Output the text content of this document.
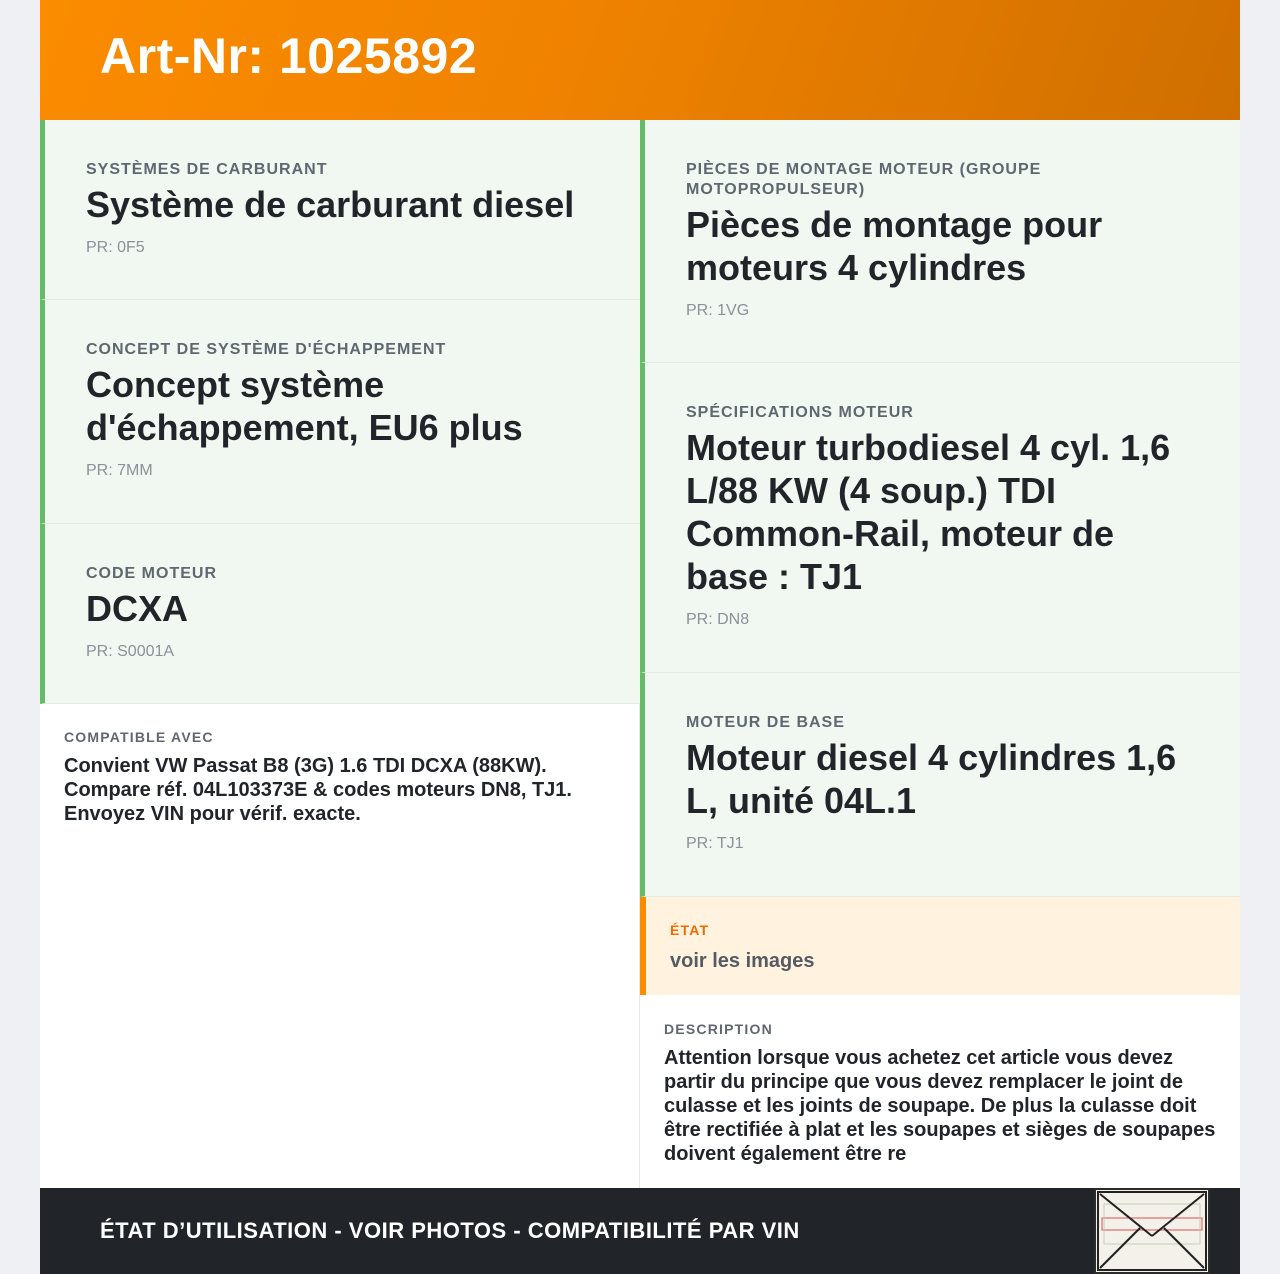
Art-Nr: 1025892
SYSTÈMES DE CARBURANT
Système de carburant diesel
PR: 0F5
CONCEPT DE SYSTÈME D'ÉCHAPPEMENT
Concept système d'échappement, EU6 plus
PR: 7MM
CODE MOTEUR
DCXA
PR: S0001A
COMPATIBLE AVEC
Convient VW Passat B8 (3G) 1.6 TDI DCXA (88KW). Compare réf. 04L103373E & codes moteurs DN8, TJ1. Envoyez VIN pour vérif. exacte.
PIÈCES DE MONTAGE MOTEUR (GROUPE MOTOPROPULSEUR)
Pièces de montage pour moteurs 4 cylindres
PR: 1VG
SPÉCIFICATIONS MOTEUR
Moteur turbodiesel 4 cyl. 1,6 L/88 KW (4 soup.) TDI Common-Rail, moteur de base : TJ1
PR: DN8
MOTEUR DE BASE
Moteur diesel 4 cylindres 1,6 L, unité 04L.1
PR: TJ1
ÉTAT
voir les images
DESCRIPTION
Attention lorsque vous achetez cet article vous devez partir du principe que vous devez remplacer le joint de culasse et les joints de soupape. De plus la culasse doit être rectifiée à plat et les soupapes et sièges de soupapes doivent également être re
ÉTAT D’UTILISATION - VOIR PHOTOS - COMPATIBILITÉ PAR VIN
